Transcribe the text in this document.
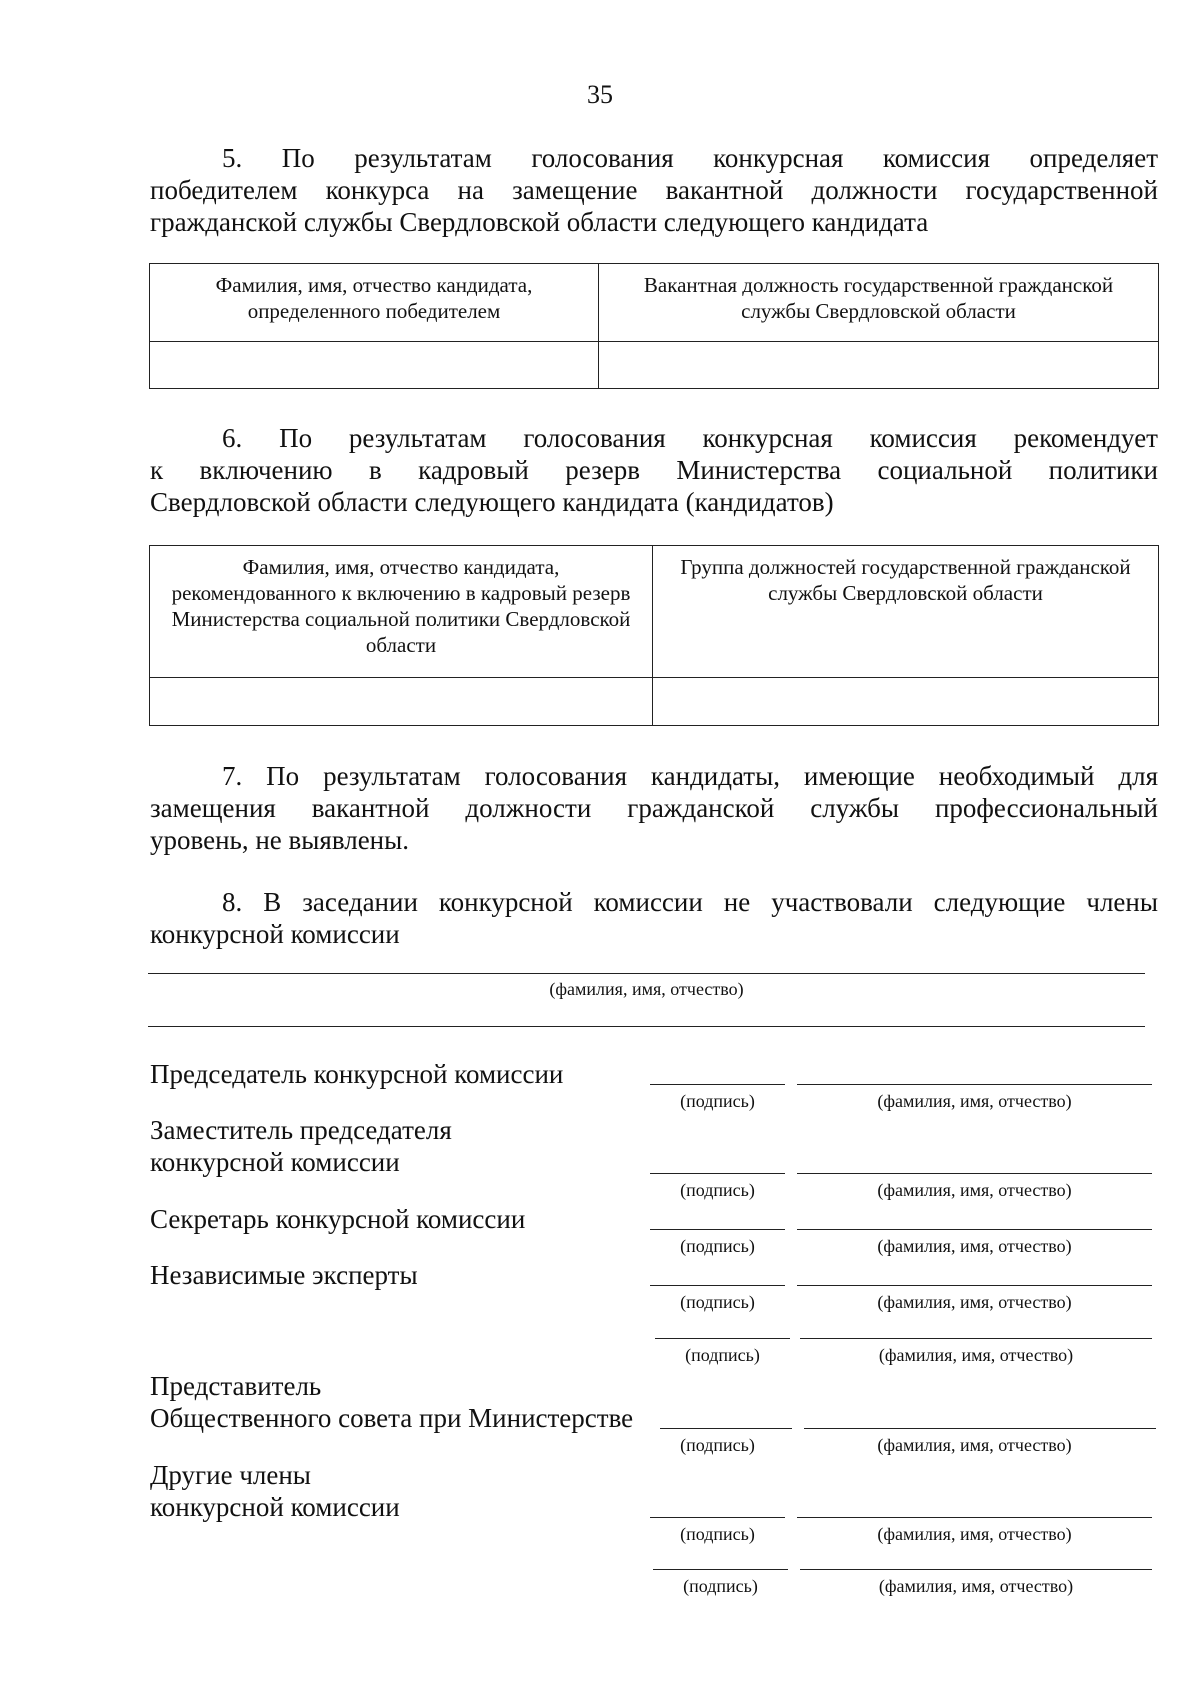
35
5. По результатам голосования конкурсная комиссия определяет
победителем конкурса на замещение вакантной должности государственной
гражданской службы Свердловской области следующего кандидата
Фамилия, имя, отчество кандидата, определенного победителем	Вакантная должность государственной гражданской службы Свердловской области

6. По результатам голосования конкурсная комиссия рекомендует
к включению в кадровый резерв Министерства социальной политики
Свердловской области следующего кандидата (кандидатов)
Фамилия, имя, отчество кандидата, рекомендованного к включению в кадровый резерв Министерства социальной политики Свердловской области	Группа должностей государственной гражданской службы Свердловской области

7. По результатам голосования кандидаты, имеющие необходимый для
замещения вакантной должности гражданской службы профессиональный
уровень, не выявлены.
8. В заседании конкурсной комиссии не участвовали следующие члены
конкурсной комиссии
(фамилия, имя, отчество)
Председатель конкурсной комиссии
(подпись)	(фамилия, имя, отчество)
Заместитель председателя
конкурсной комиссии
(подпись)	(фамилия, имя, отчество)
Секретарь конкурсной комиссии
(подпись)	(фамилия, имя, отчество)
Независимые эксперты
(подпись)	(фамилия, имя, отчество)
(подпись)	(фамилия, имя, отчество)
Представитель
Общественного совета при Министерстве
(подпись)	(фамилия, имя, отчество)
Другие члены
конкурсной комиссии
(подпись)	(фамилия, имя, отчество)
(подпись)	(фамилия, имя, отчество)
